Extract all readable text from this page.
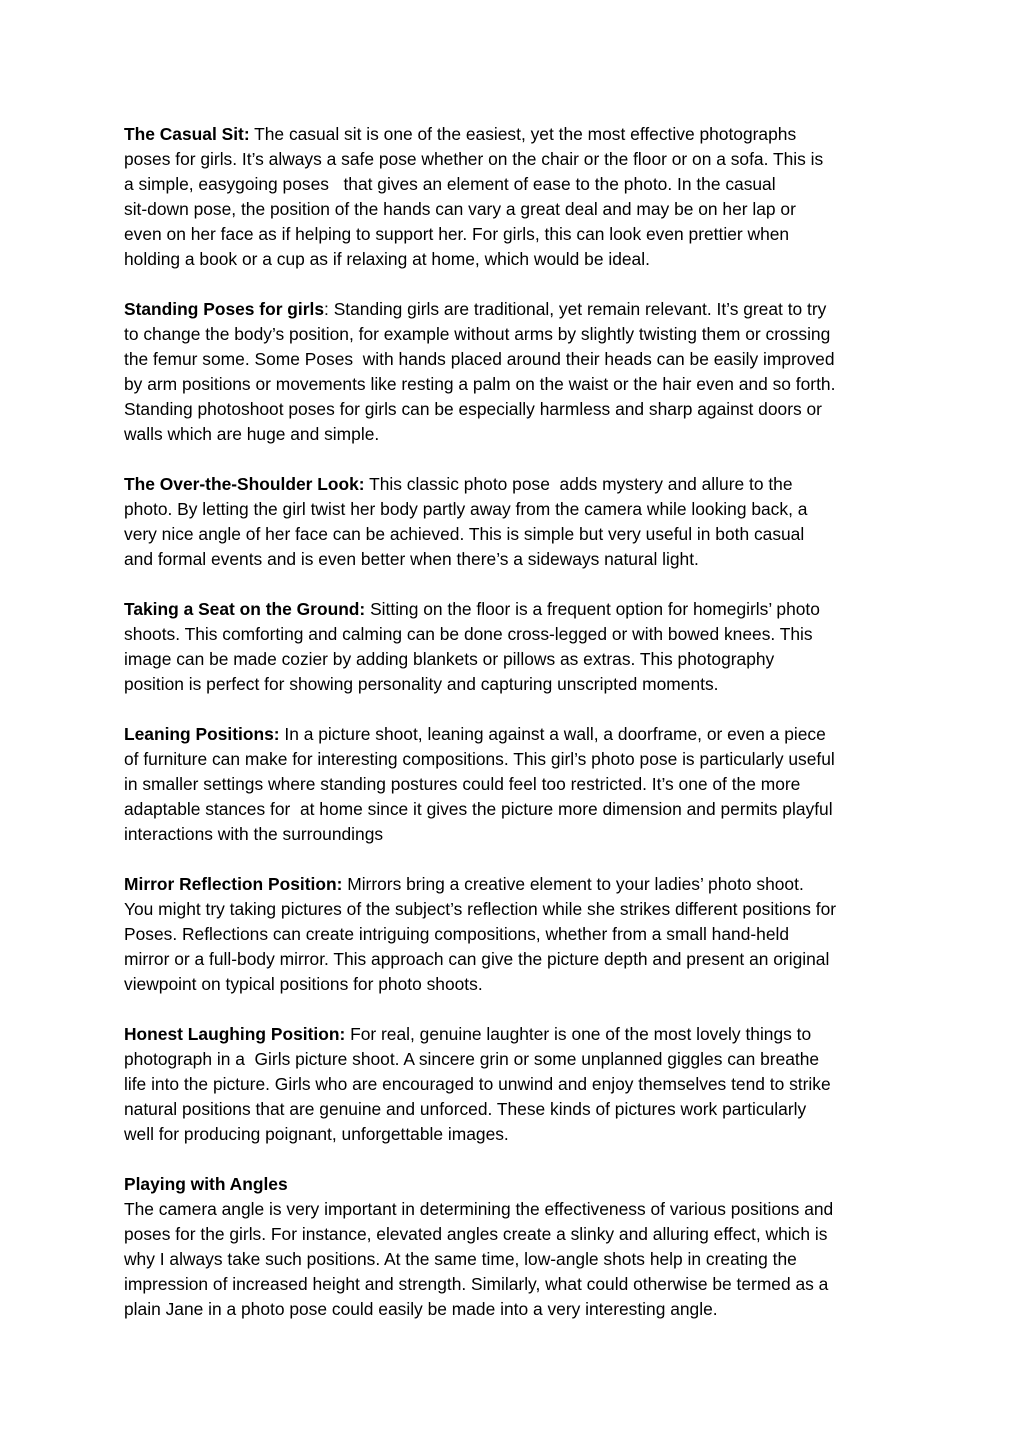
The Casual Sit: The casual sit is one of the easiest, yet the most effective photographs
poses for girls. It’s always a safe pose whether on the chair or the floor or on a sofa. This is
a simple, easygoing poses   that gives an element of ease to the photo. In the casual
sit-down pose, the position of the hands can vary a great deal and may be on her lap or
even on her face as if helping to support her. For girls, this can look even prettier when
holding a book or a cup as if relaxing at home, which would be ideal.
Standing Poses for girls: Standing girls are traditional, yet remain relevant. It’s great to try
to change the body’s position, for example without arms by slightly twisting them or crossing
the femur some. Some Poses  with hands placed around their heads can be easily improved
by arm positions or movements like resting a palm on the waist or the hair even and so forth.
Standing photoshoot poses for girls can be especially harmless and sharp against doors or
walls which are huge and simple.
The Over-the-Shoulder Look: This classic photo pose  adds mystery and allure to the
photo. By letting the girl twist her body partly away from the camera while looking back, a
very nice angle of her face can be achieved. This is simple but very useful in both casual
and formal events and is even better when there’s a sideways natural light.
Taking a Seat on the Ground: Sitting on the floor is a frequent option for homegirls’ photo
shoots. This comforting and calming can be done cross-legged or with bowed knees. This
image can be made cozier by adding blankets or pillows as extras. This photography
position is perfect for showing personality and capturing unscripted moments.
Leaning Positions: In a picture shoot, leaning against a wall, a doorframe, or even a piece
of furniture can make for interesting compositions. This girl’s photo pose is particularly useful
in smaller settings where standing postures could feel too restricted. It’s one of the more
adaptable stances for  at home since it gives the picture more dimension and permits playful
interactions with the surroundings
Mirror Reflection Position: Mirrors bring a creative element to your ladies’ photo shoot.
You might try taking pictures of the subject’s reflection while she strikes different positions for
Poses. Reflections can create intriguing compositions, whether from a small hand-held
mirror or a full-body mirror. This approach can give the picture depth and present an original
viewpoint on typical positions for photo shoots.
Honest Laughing Position: For real, genuine laughter is one of the most lovely things to
photograph in a  Girls picture shoot. A sincere grin or some unplanned giggles can breathe
life into the picture. Girls who are encouraged to unwind and enjoy themselves tend to strike
natural positions that are genuine and unforced. These kinds of pictures work particularly
well for producing poignant, unforgettable images.
Playing with Angles
The camera angle is very important in determining the effectiveness of various positions and
poses for the girls. For instance, elevated angles create a slinky and alluring effect, which is
why I always take such positions. At the same time, low-angle shots help in creating the
impression of increased height and strength. Similarly, what could otherwise be termed as a
plain Jane in a photo pose could easily be made into a very interesting angle.
